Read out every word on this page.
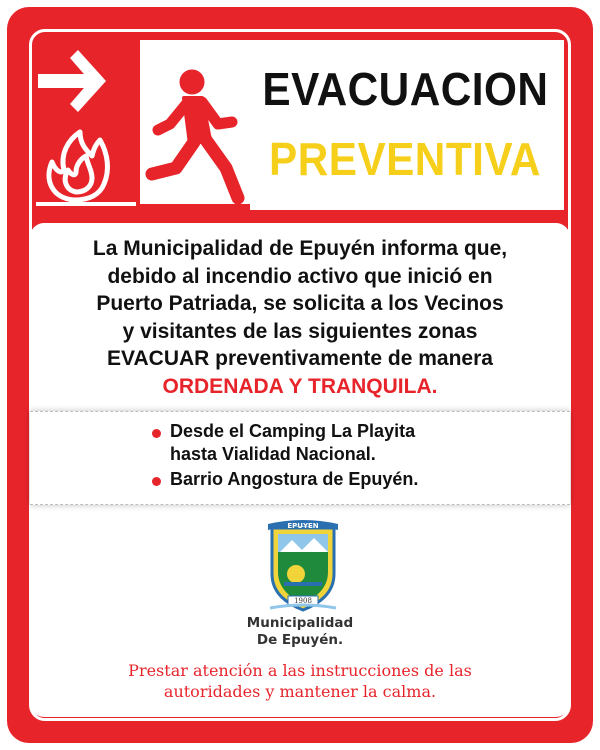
EVACUACION
PREVENTIVA
La Municipalidad de Epuyén informa que,
debido al incendio activo que inició en
Puerto Patriada, se solicita a los Vecinos
y visitantes de las siguientes zonas
EVACUAR preventivamente de manera
ORDENADA Y TRANQUILA.
Desde el Camping La Playita
hasta Vialidad Nacional.
Barrio Angostura de Epuyén.
EPUYEN
1908
Municipalidad
De Epuyén.
Prestar atención a las instrucciones de las
autoridades y mantener la calma.
